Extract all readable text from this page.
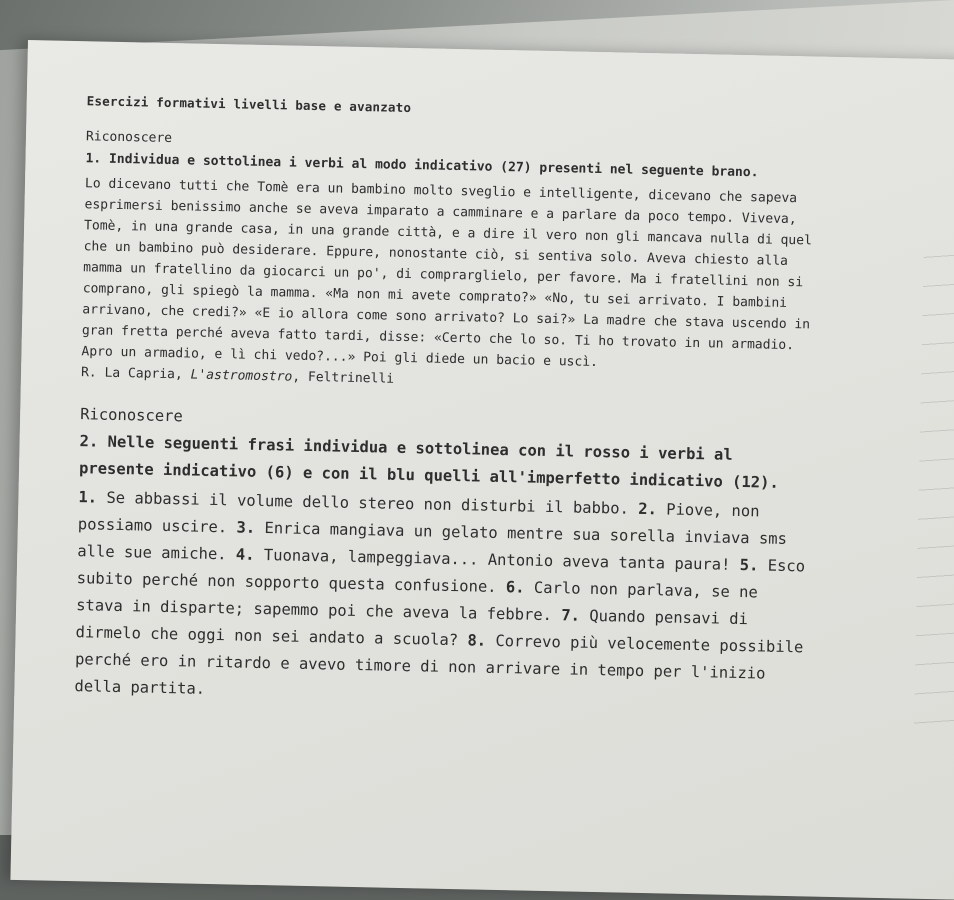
Esercizi formativi livelli base e avanzato

Riconoscere

1. Individua e sottolinea i verbi al modo indicativo (27) presenti nel seguente brano.

Lo dicevano tutti che Tomè era un bambino molto sveglio e intelligente, dicevano che sapeva esprimersi benissimo anche se aveva imparato a camminare e a parlare da poco tempo. Viveva, Tomè, in una grande casa, in una grande città, e a dire il vero non gli mancava nulla di quel che un bambino può desiderare. Eppure, nonostante ciò, si sentiva solo. Aveva chiesto alla mamma un fratellino da giocarci un po', di comprarglielo, per favore. Ma i fratellini non si comprano, gli spiegò la mamma. «Ma non mi avete comprato?» «No, tu sei arrivato. I bambini arrivano, che credi?» «E io allora come sono arrivato? Lo sai?» La madre che stava uscendo in gran fretta perché aveva fatto tardi, disse: «Certo che lo so. Ti ho trovato in un armadio. Apro un armadio, e lì chi vedo?...» Poi gli diede un bacio e uscì.

R. La Capria, L'astromostro, Feltrinelli

Riconoscere

2. Nelle seguenti frasi individua e sottolinea con il rosso i verbi al presente indicativo (6) e con il blu quelli all'imperfetto indicativo (12).

1. Se abbassi il volume dello stereo non disturbi il babbo. 2. Piove, non possiamo uscire. 3. Enrica mangiava un gelato mentre sua sorella inviava sms alle sue amiche. 4. Tuonava, lampeggiava... Antonio aveva tanta paura! 5. Esco subito perché non sopporto questa confusione. 6. Carlo non parlava, se ne stava in disparte; sapemmo poi che aveva la febbre. 7. Quando pensavi di dirmelo che oggi non sei andato a scuola? 8. Correvo più velocemente possibile perché ero in ritardo e avevo timore di non arrivare in tempo per l'inizio della partita.
